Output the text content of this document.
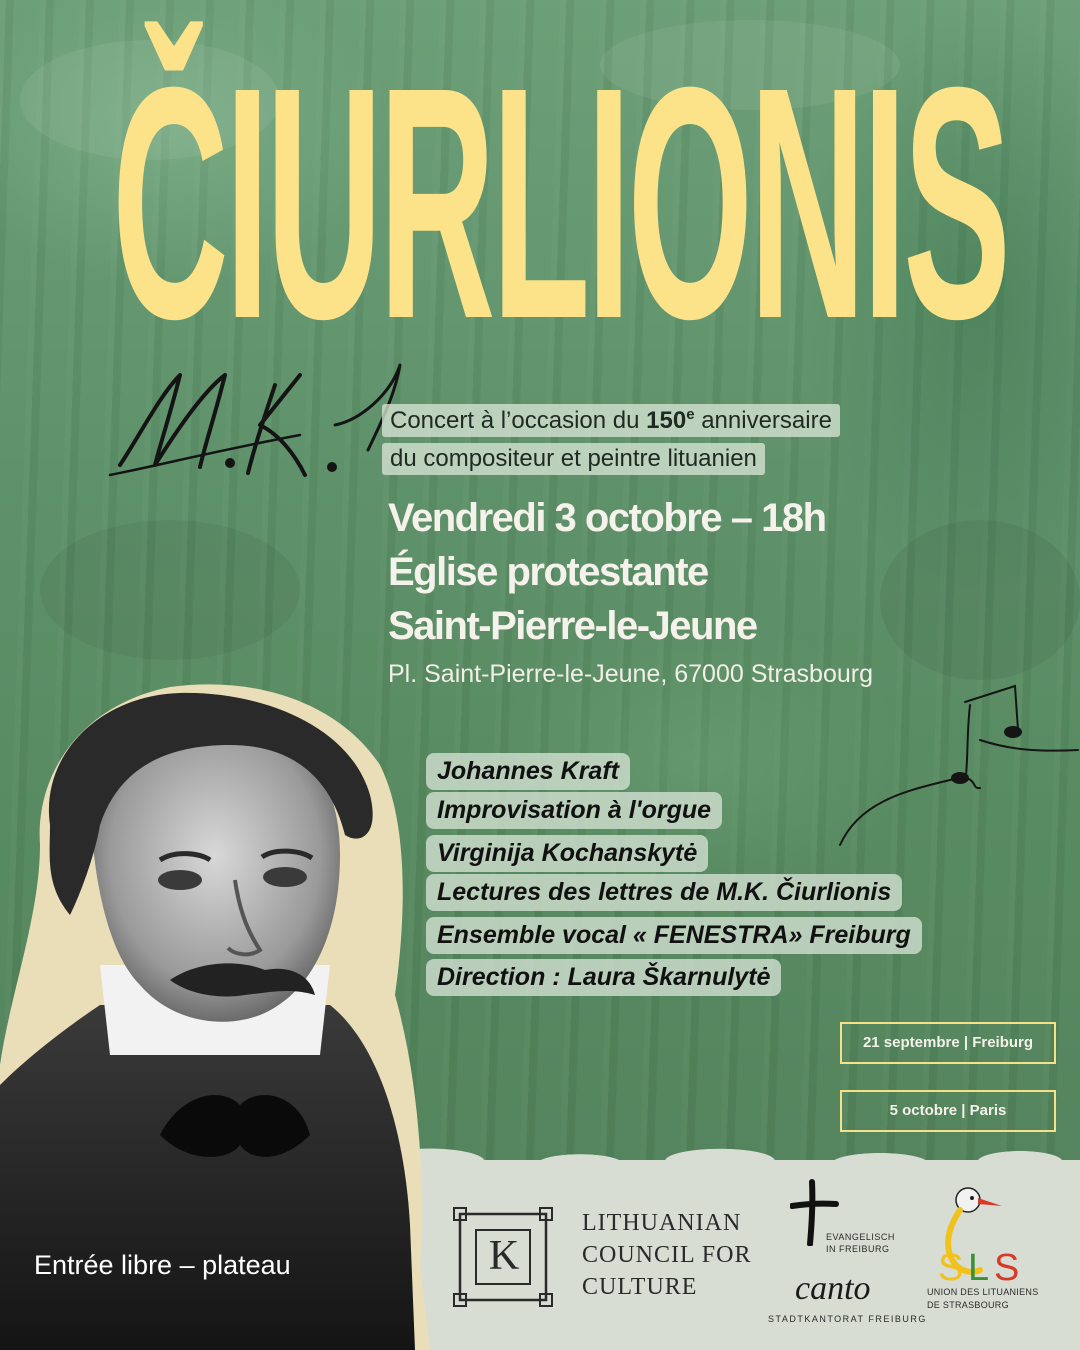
ČIURLIONIS
Concert à l’occasion du 150e anniversaire
du compositeur et peintre lituanien

Vendredi 3 octobre – 18h

Église protestante

Saint-Pierre-le-Jeune

Pl. Saint-Pierre-le-Jeune, 67000 Strasbourg
Johannes Kraft
Improvisation à l'orgue
Virginija Kochanskytė
Lectures des lettres de M.K. Čiurlionis
Ensemble vocal « FENESTRA» Freiburg
Direction : Laura Škarnulytė
21 septembre | Freiburg
5 octobre | Paris
Entrée libre – plateau	K
LITHUANIAN
COUNCIL FOR
CULTURE
EVANGELISCH
IN FREIBURG
canto
STADTKANTORAT FREIBURG
S L S
UNION DES LITUANIENS
DE STRASBOURG
